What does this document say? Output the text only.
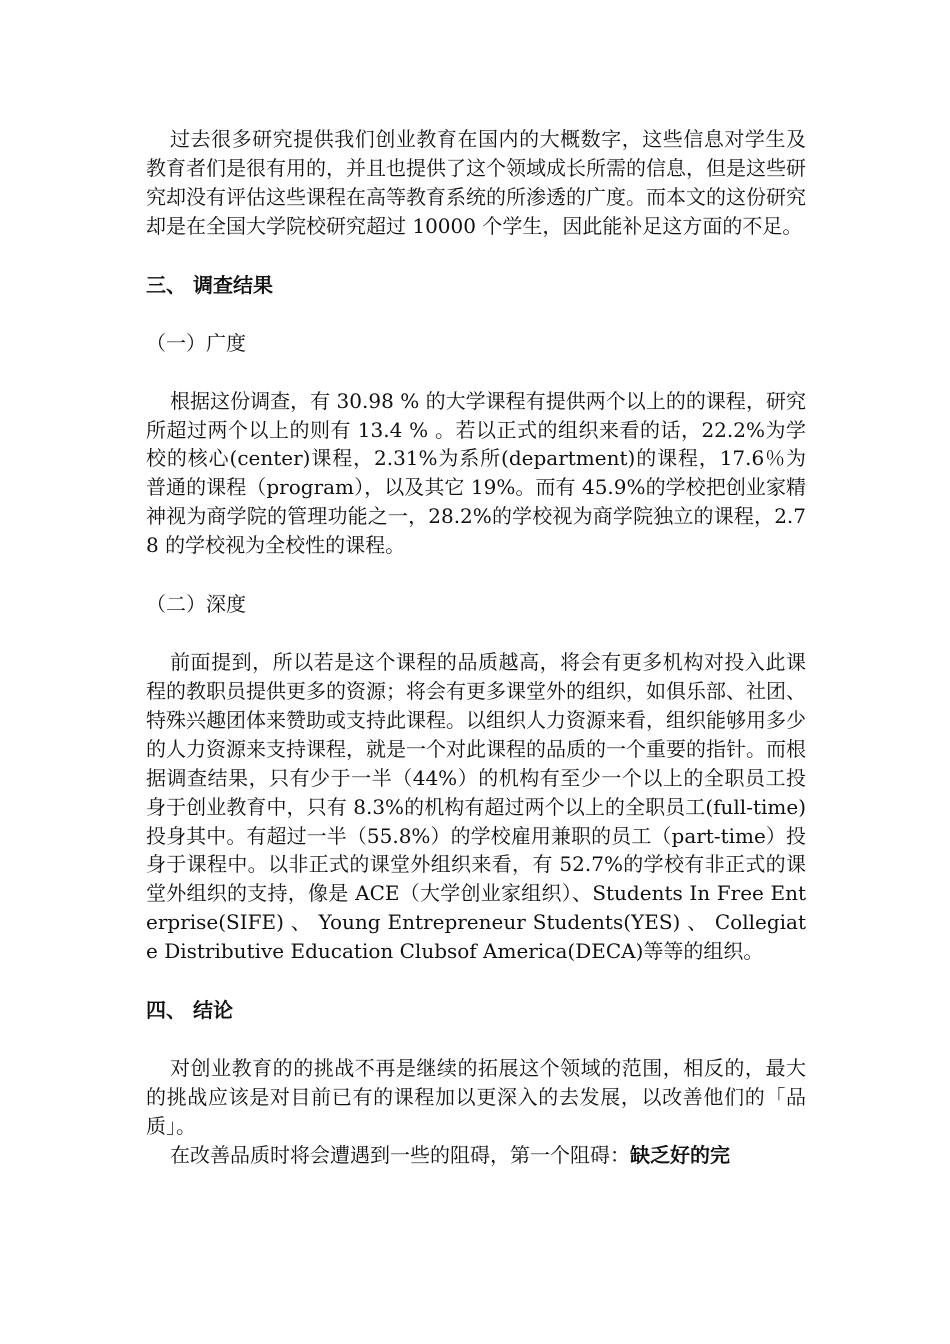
过去很多研究提供我们创业教育在国内的大概数字，这些信息对学生及教育者们是很有用的，并且也提供了这个领域成长所需的信息，但是这些研究却没有评估这些课程在高等教育系统的所渗透的广度。而本文的这份研究却是在全国大学院校研究超过 10000 个学生，因此能补足这方面的不足。

三、 调查结果
（一）广度

根据这份调查，有 30.98 % 的大学课程有提供两个以上的的课程，研究所超过两个以上的则有 13.4 % 。若以正式的组织来看的话，22.2%为学校的核心(center)课程，2.31%为系所(department)的课程，17.6％为普通的课程（program），以及其它 19%。而有 45.9%的学校把创业家精神视为商学院的管理功能之一，28.2%的学校视为商学院独立的课程，2.78 的学校视为全校性的课程。

（二）深度

前面提到，所以若是这个课程的品质越高，将会有更多机构对投入此课程的教职员提供更多的资源；将会有更多课堂外的组织，如俱乐部、社团、特殊兴趣团体来赞助或支持此课程。以组织人力资源来看，组织能够用多少的人力资源来支持课程，就是一个对此课程的品质的一个重要的指针。而根据调查结果，只有少于一半（44%）的机构有至少一个以上的全职员工投身于创业教育中，只有 8.3%的机构有超过两个以上的全职员工(full-time)投身其中。有超过一半（55.8%）的学校雇用兼职的员工（part-time）投身于课程中。以非正式的课堂外组织来看，有 52.7%的学校有非正式的课堂外组织的支持，像是 ACE（大学创业家组织）、Students In Free Enterprise(SIFE) 、 Young Entrepreneur Students(YES) 、 Collegiate Distributive Education Clubsof America(DECA)等等的组织。

四、 结论

对创业教育的的挑战不再是继续的拓展这个领域的范围，相反的，最大的挑战应该是对目前已有的课程加以更深入的去发展，以改善他们的「品质」。

在改善品质时将会遭遇到一些的阻碍，第一个阻碍：缺乏好的完
